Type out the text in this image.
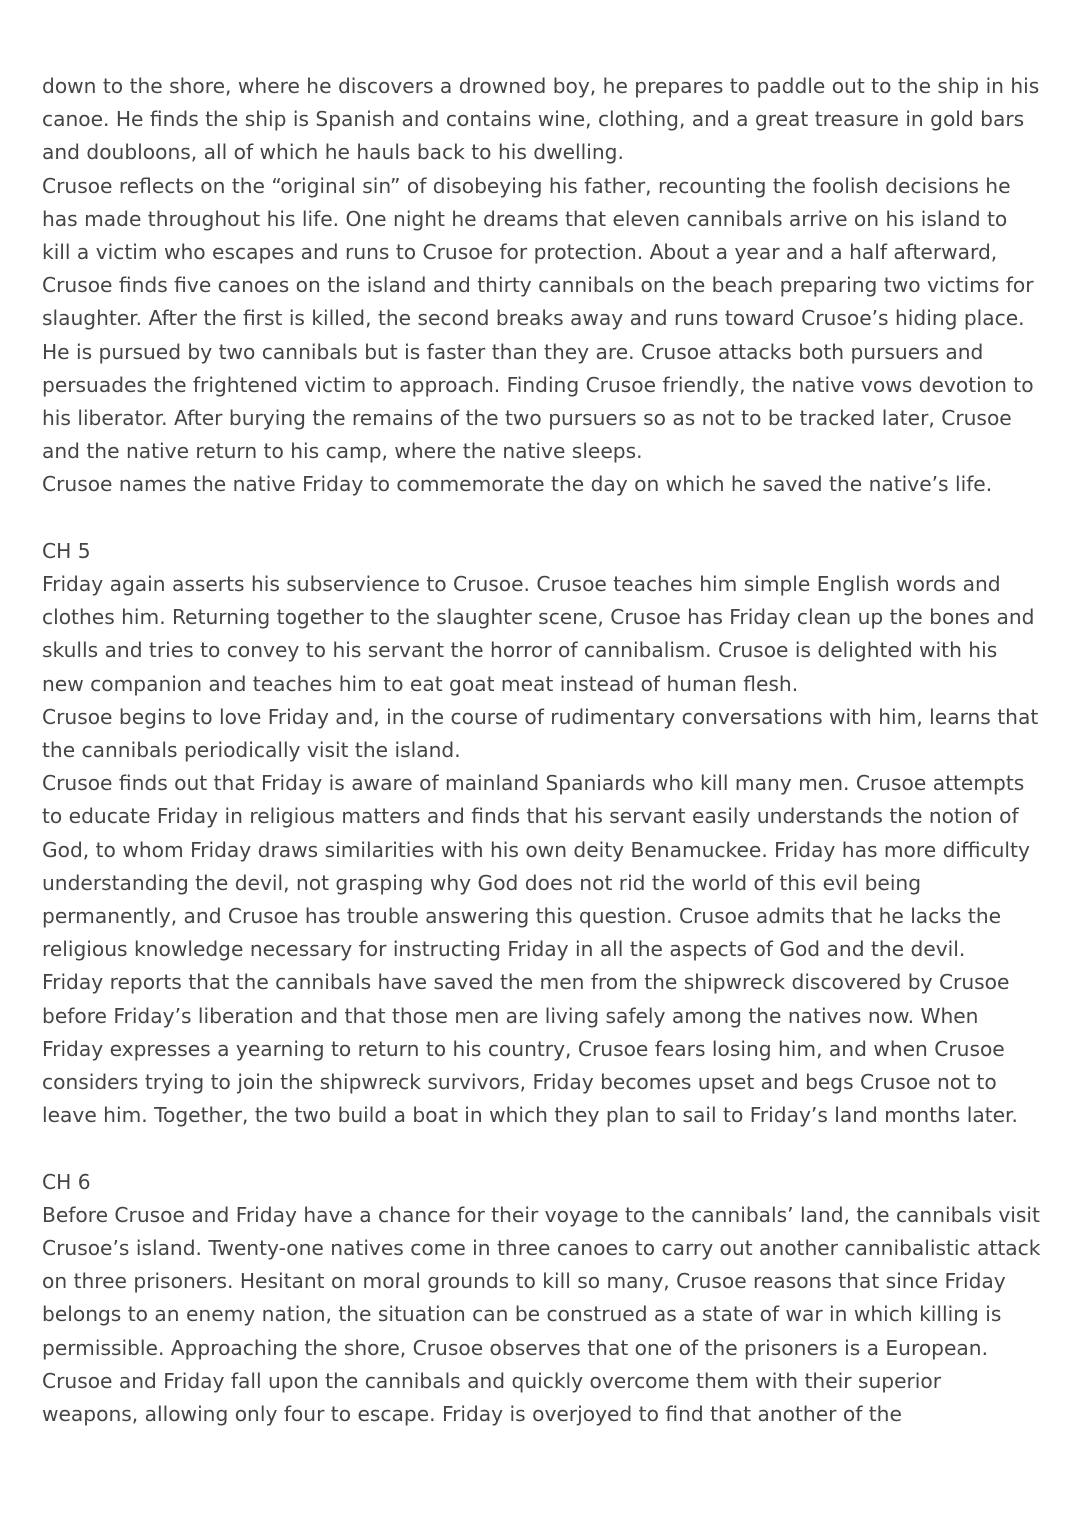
down to the shore, where he discovers a drowned boy, he prepares to paddle out to the ship in his canoe. He finds the ship is Spanish and contains wine, clothing, and a great treasure in gold bars and doubloons, all of which he hauls back to his dwelling.

Crusoe reflects on the “original sin” of disobeying his father, recounting the foolish decisions he has made throughout his life. One night he dreams that eleven cannibals arrive on his island to kill a victim who escapes and runs to Crusoe for protection. About a year and a half afterward, Crusoe finds five canoes on the island and thirty cannibals on the beach preparing two victims for slaughter. After the first is killed, the second breaks away and runs toward Crusoe’s hiding place. He is pursued by two cannibals but is faster than they are. Crusoe attacks both pursuers and persuades the frightened victim to approach. Finding Crusoe friendly, the native vows devotion to his liberator. After burying the remains of the two pursuers so as not to be tracked later, Crusoe and the native return to his camp, where the native sleeps.

Crusoe names the native Friday to commemorate the day on which he saved the native’s life.

CH 5

Friday again asserts his subservience to Crusoe. Crusoe teaches him simple English words and clothes him. Returning together to the slaughter scene, Crusoe has Friday clean up the bones and skulls and tries to convey to his servant the horror of cannibalism. Crusoe is delighted with his new companion and teaches him to eat goat meat instead of human flesh.

Crusoe begins to love Friday and, in the course of rudimentary conversations with him, learns that the cannibals periodically visit the island.

Crusoe finds out that Friday is aware of mainland Spaniards who kill many men. Crusoe attempts to educate Friday in religious matters and finds that his servant easily understands the notion of God, to whom Friday draws similarities with his own deity Benamuckee. Friday has more difficulty understanding the devil, not grasping why God does not rid the world of this evil being permanently, and Crusoe has trouble answering this question. Crusoe admits that he lacks the religious knowledge necessary for instructing Friday in all the aspects of God and the devil.

Friday reports that the cannibals have saved the men from the shipwreck discovered by Crusoe before Friday’s liberation and that those men are living safely among the natives now. When Friday expresses a yearning to return to his country, Crusoe fears losing him, and when Crusoe considers trying to join the shipwreck survivors, Friday becomes upset and begs Crusoe not to leave him. Together, the two build a boat in which they plan to sail to Friday’s land months later.

CH 6

Before Crusoe and Friday have a chance for their voyage to the cannibals’ land, the cannibals visit Crusoe’s island. Twenty-one natives come in three canoes to carry out another cannibalistic attack on three prisoners. Hesitant on moral grounds to kill so many, Crusoe reasons that since Friday belongs to an enemy nation, the situation can be construed as a state of war in which killing is permissible. Approaching the shore, Crusoe observes that one of the prisoners is a European. Crusoe and Friday fall upon the cannibals and quickly overcome them with their superior weapons, allowing only four to escape. Friday is overjoyed to find that another of the
